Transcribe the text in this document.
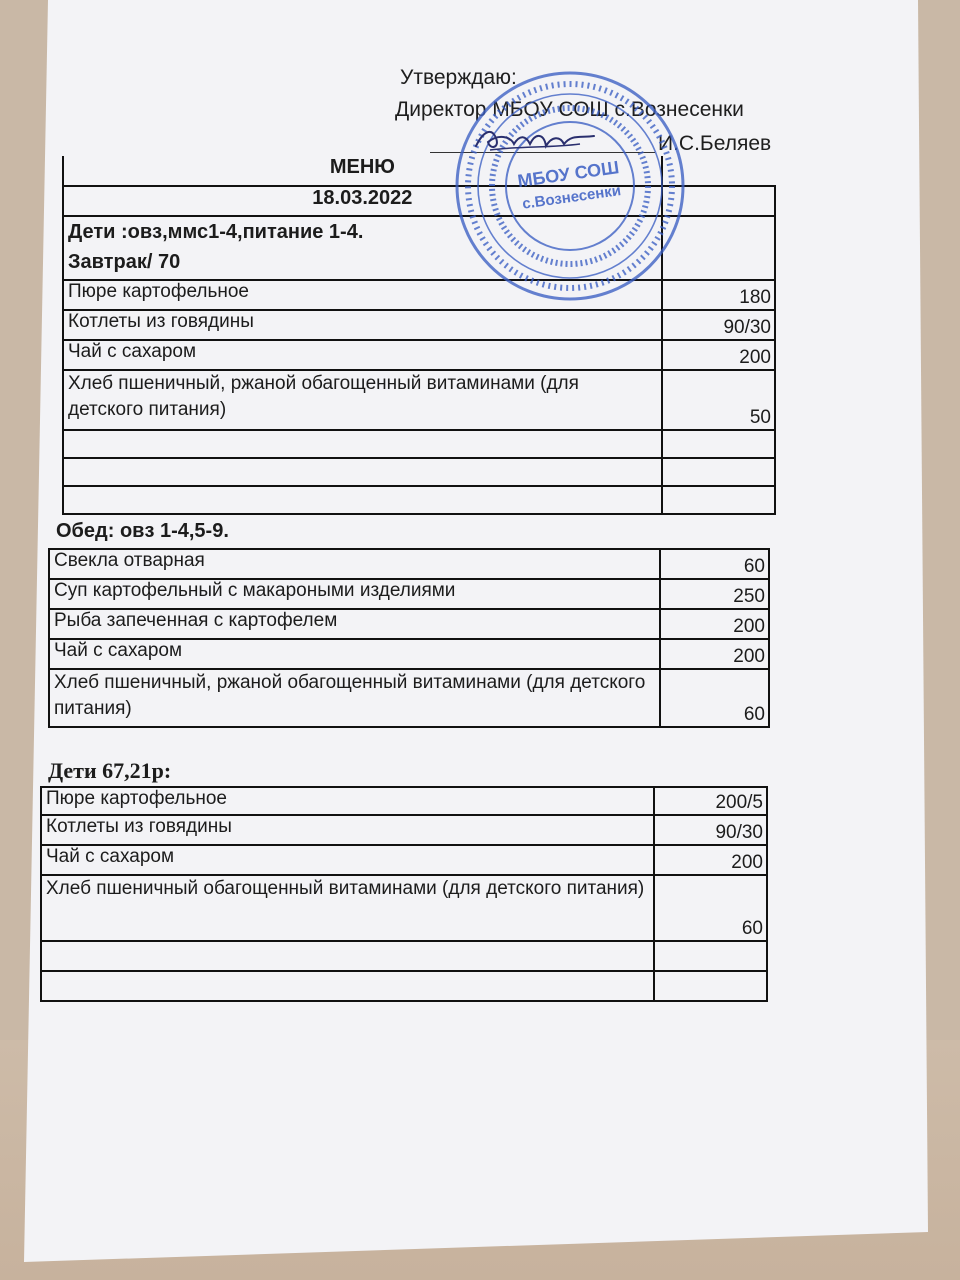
Утверждаю:
Директор МБОУ СОШ с.Вознесенки
И.С.Беляев
МЕНЮ	
18.03.2022	

Дети :овз,ммс1-4,питание 1-4.
Завтрак/ 70	

Пюре картофельное	180
Котлеты из говядины	90/30
Чай с сахаром	200
Хлеб пшеничный, ржаной обагощенный витаминами (для детского питания)	50

Обед: овз 1-4,5-9.
Свекла отварная	60
Суп картофельный с макароными изделиями	250
Рыба запеченная с картофелем	200
Чай с сахаром	200
Хлеб пшеничный, ржаной обагощенный витаминами (для детского питания)	60
Дети 67,21р:
Пюре картофельное	200/5
Котлеты из говядины	90/30
Чай с сахаром	200
Хлеб пшеничный обагощенный витаминами (для детского питания)	60

МБОУ СОШ
с.Вознесенки
